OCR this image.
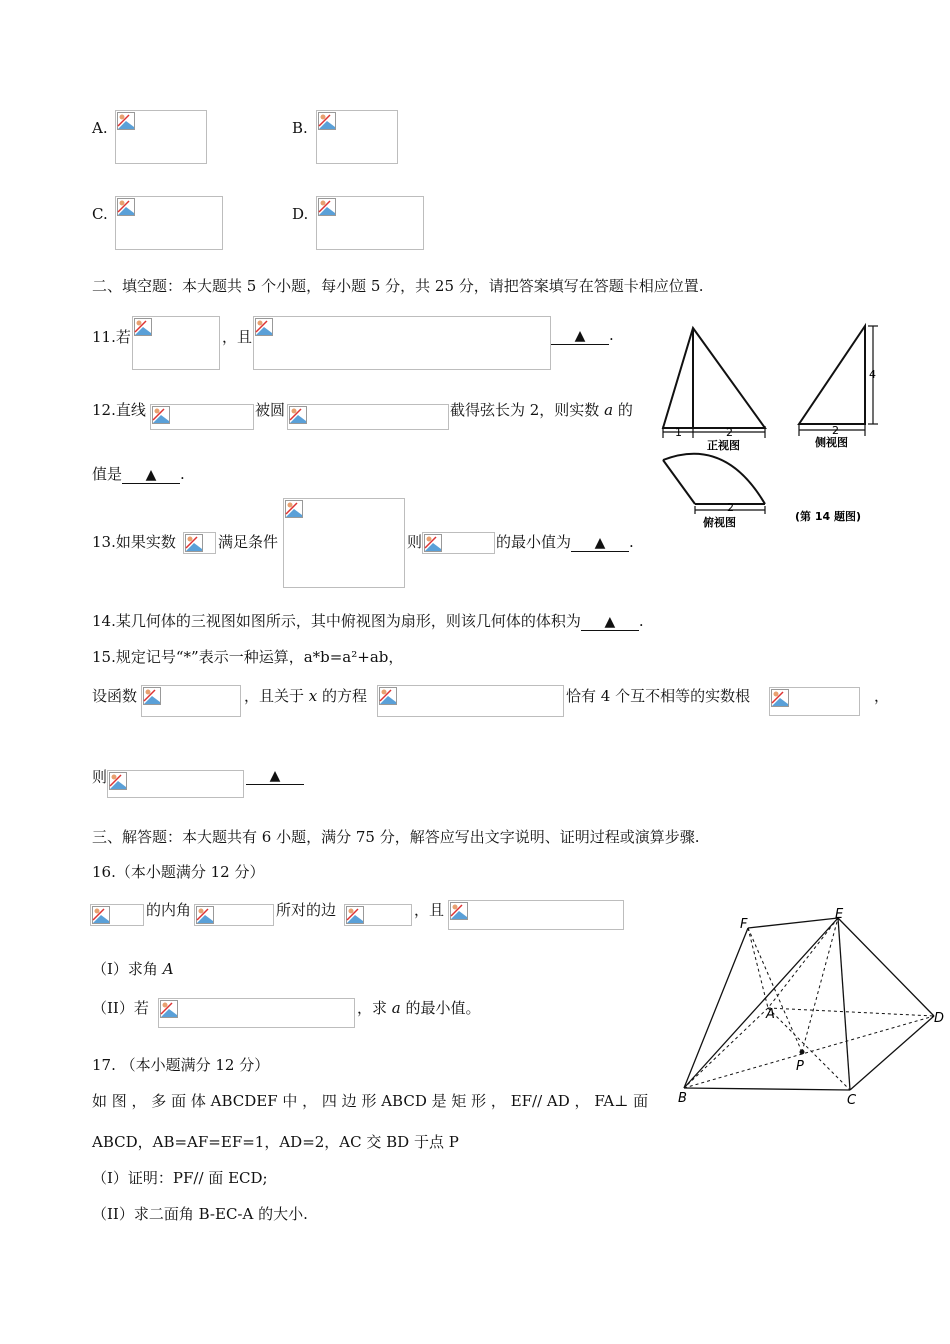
A.	B.
C.	D.
二、填空题：本大题共 5 个小题，每小题 5 分，共 25 分，请把答案填写在答题卡相应位置.
11.若	，且	▲ .
12.直线	被圆	截得弦长为 2，则实数 a 的
值是 ▲ .
13.如果实数	满足条件	则	的最小值为 ▲ .
1	2
正视图
2
4
侧视图
2
俯视图	(第 14 题图)
14.某几何体的三视图如图所示，其中俯视图为扇形，则该几何体的体积为 ▲ .
15.规定记号“*”表示一种运算，a*b=a²+ab，
设函数	，且关于 x 的方程	恰有 4 个互不相等的实数根	，
则	▲
三、解答题：本大题共有 6 小题，满分 75 分，解答应写出文字说明、证明过程或演算步骤.
16.（本小题满分 12 分）
的内角	所对的边	，且
（I）求角 A
（II）若	，求 a 的最小值。
F
E
A	D
P
B	C
17. （本小题满分 12 分）
如 图 ， 多 面 体 ABCDEF 中 ， 四 边 形 ABCD 是 矩 形 ， EF// AD ， FA⊥ 面
ABCD，AB=AF=EF=1，AD=2，AC 交 BD 于点 P
（I）证明：PF// 面 ECD;
（II）求二面角 B-EC-A 的大小.
